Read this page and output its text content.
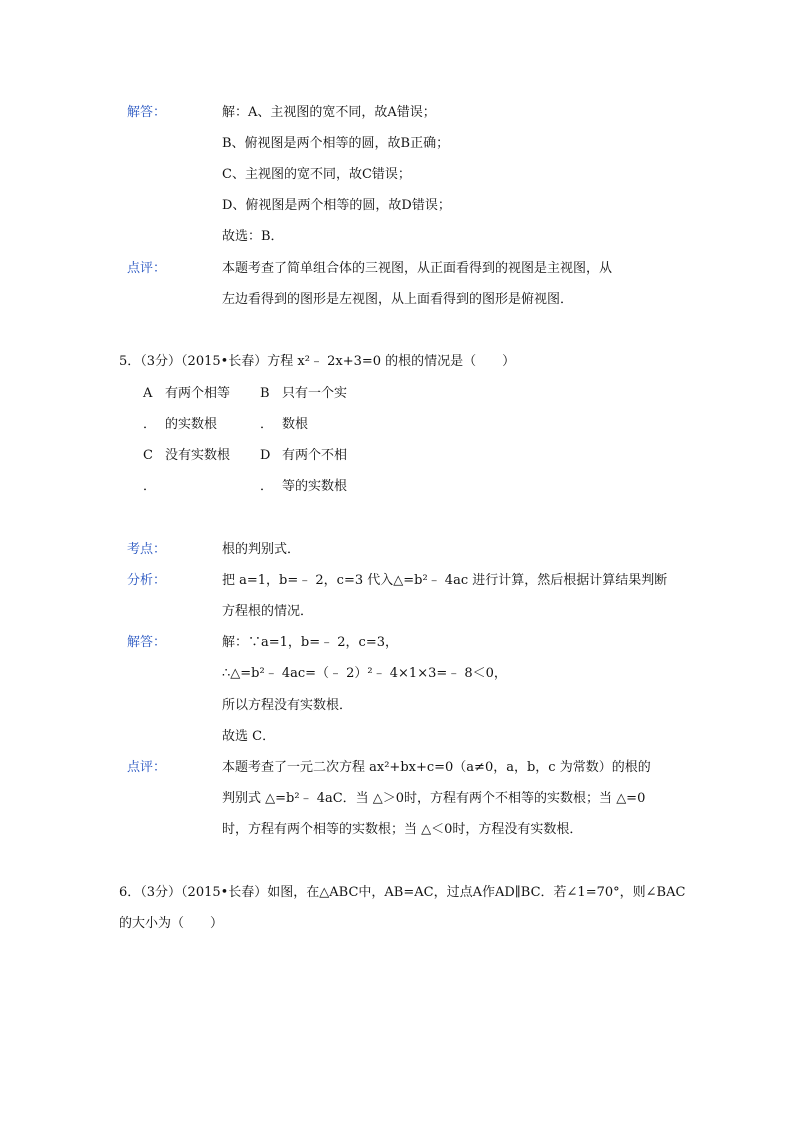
解答：	解：A、主视图的宽不同，故A错误；
B、俯视图是两个相等的圆，故B正确；
C、主视图的宽不同，故C错误；
D、俯视图是两个相等的圆，故D错误；
故选：B．
点评：	本题考查了简单组合体的三视图，从正面看得到的视图是主视图，从
左边看得到的图形是左视图，从上面看得到的图形是俯视图．
5．（3分）（2015•长春）方程 x²﹣ 2x+3=0 的根的情况是（　　）
A 有两个相等 B 只有一个实
． 的实数根	． 数根
C 没有实数根 D 有两个不相
．	． 等的实数根
考点：	根的判别式．
分析：	把 a=1，b=﹣ 2，c=3 代入△=b²﹣ 4ac 进行计算，然后根据计算结果判断
方程根的情况．
解答：	解：∵a=1，b=﹣ 2，c=3，
∴△=b²﹣ 4ac=（﹣ 2）²﹣ 4×1×3=﹣ 8＜0，
所以方程没有实数根．
故选 C．
点评：	本题考查了一元二次方程 ax²+bx+c=0（a≠0，a，b，c 为常数）的根的
判别式 △=b²﹣ 4aC．当 △＞0时，方程有两个不相等的实数根；当 △=0
时，方程有两个相等的实数根；当 △＜0时，方程没有实数根．
6．（3分）（2015•长春）如图，在△ABC中，AB=AC，过点A作AD∥BC．若∠1=70°，则∠BAC
的大小为（　　）
